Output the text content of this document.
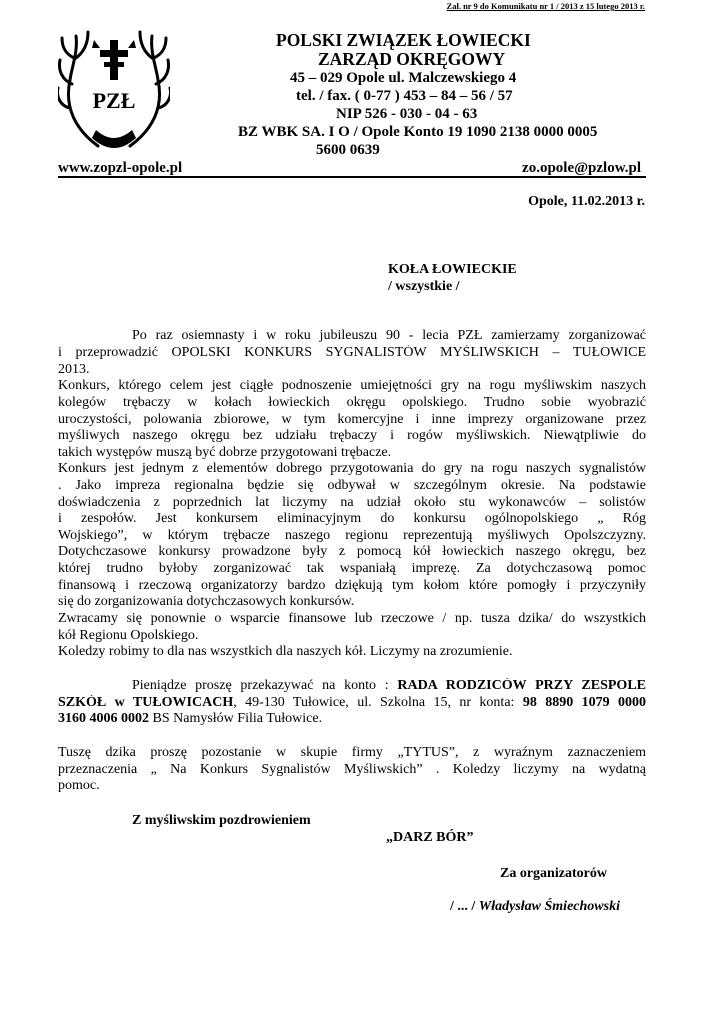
Zał. nr 9 do Komunikatu nr 1 / 2013 z 15 lutego 2013 r.
PZŁ
POLSKI ZWIĄZEK ŁOWIECKI
ZARZĄD OKRĘGOWY
45 – 029 Opole ul. Malczewskiego 4
tel. / fax. ( 0-77 ) 453 – 84 – 56 / 57
NIP 526 - 030 - 04 - 63
BZ WBK SA. I O / Opole Konto 19 1090 2138 0000 0005
5600 0639
www.zopzl-opole.pl	zo.opole@pzlow.pl
Opole, 11.02.2013 r.
KOŁA ŁOWIECKIE
/ wszystkie /
Po raz osiemnasty i w roku jubileuszu 90 - lecia PZŁ zamierzamy zorganizować
i przeprowadzić OPOLSKI KONKURS SYGNALISTÓW MYŚLIWSKICH – TUŁOWICE
2013.
Konkurs, którego celem jest ciągłe podnoszenie umiejętności gry na rogu myśliwskim naszych
kolegów trębaczy w kołach łowieckich okręgu opolskiego. Trudno sobie wyobrazić
uroczystości, polowania zbiorowe, w tym komercyjne i inne imprezy organizowane przez
myśliwych naszego okręgu bez udziału trębaczy i rogów myśliwskich. Niewątpliwie do
takich występów muszą być dobrze przygotowani trębacze.
Konkurs jest jednym z elementów dobrego przygotowania do gry na rogu naszych sygnalistów
. Jako impreza regionalna będzie się odbywał w szczególnym okresie. Na podstawie
doświadczenia z poprzednich lat liczymy na udział około stu wykonawców – solistów
i zespołów. Jest konkursem eliminacyjnym do konkursu ogólnopolskiego „ Róg
Wojskiego”, w którym trębacze naszego regionu reprezentują myśliwych Opolszczyzny.
Dotychczasowe konkursy prowadzone były z pomocą kół łowieckich naszego okręgu, bez
której trudno byłoby zorganizować tak wspaniałą imprezę. Za dotychczasową pomoc
finansową i rzeczową organizatorzy bardzo dziękują tym kołom które pomogły i przyczyniły
się do zorganizowania dotychczasowych konkursów.
Zwracamy się ponownie o wsparcie finansowe lub rzeczowe / np. tusza dzika/ do wszystkich
kół Regionu Opolskiego.
Koledzy robimy to dla nas wszystkich dla naszych kół. Liczymy na zrozumienie.
Pieniądze proszę przekazywać na konto : RADA RODZICÓW PRZY ZESPOLE
SZKÓŁ w TUŁOWICACH, 49-130 Tułowice, ul. Szkolna 15, nr konta: 98 8890 1079 0000
3160 4006 0002 BS Namysłów Filia Tułowice.
Tuszę dzika proszę pozostanie w skupie firmy „TYTUS”, z wyraźnym zaznaczeniem
przeznaczenia „ Na Konkurs Sygnalistów Myśliwskich” . Koledzy liczymy na wydatną
pomoc.
Z myśliwskim pozdrowieniem
„DARZ BÓR”
Za organizatorów
/ ... / Władysław Śmiechowski
